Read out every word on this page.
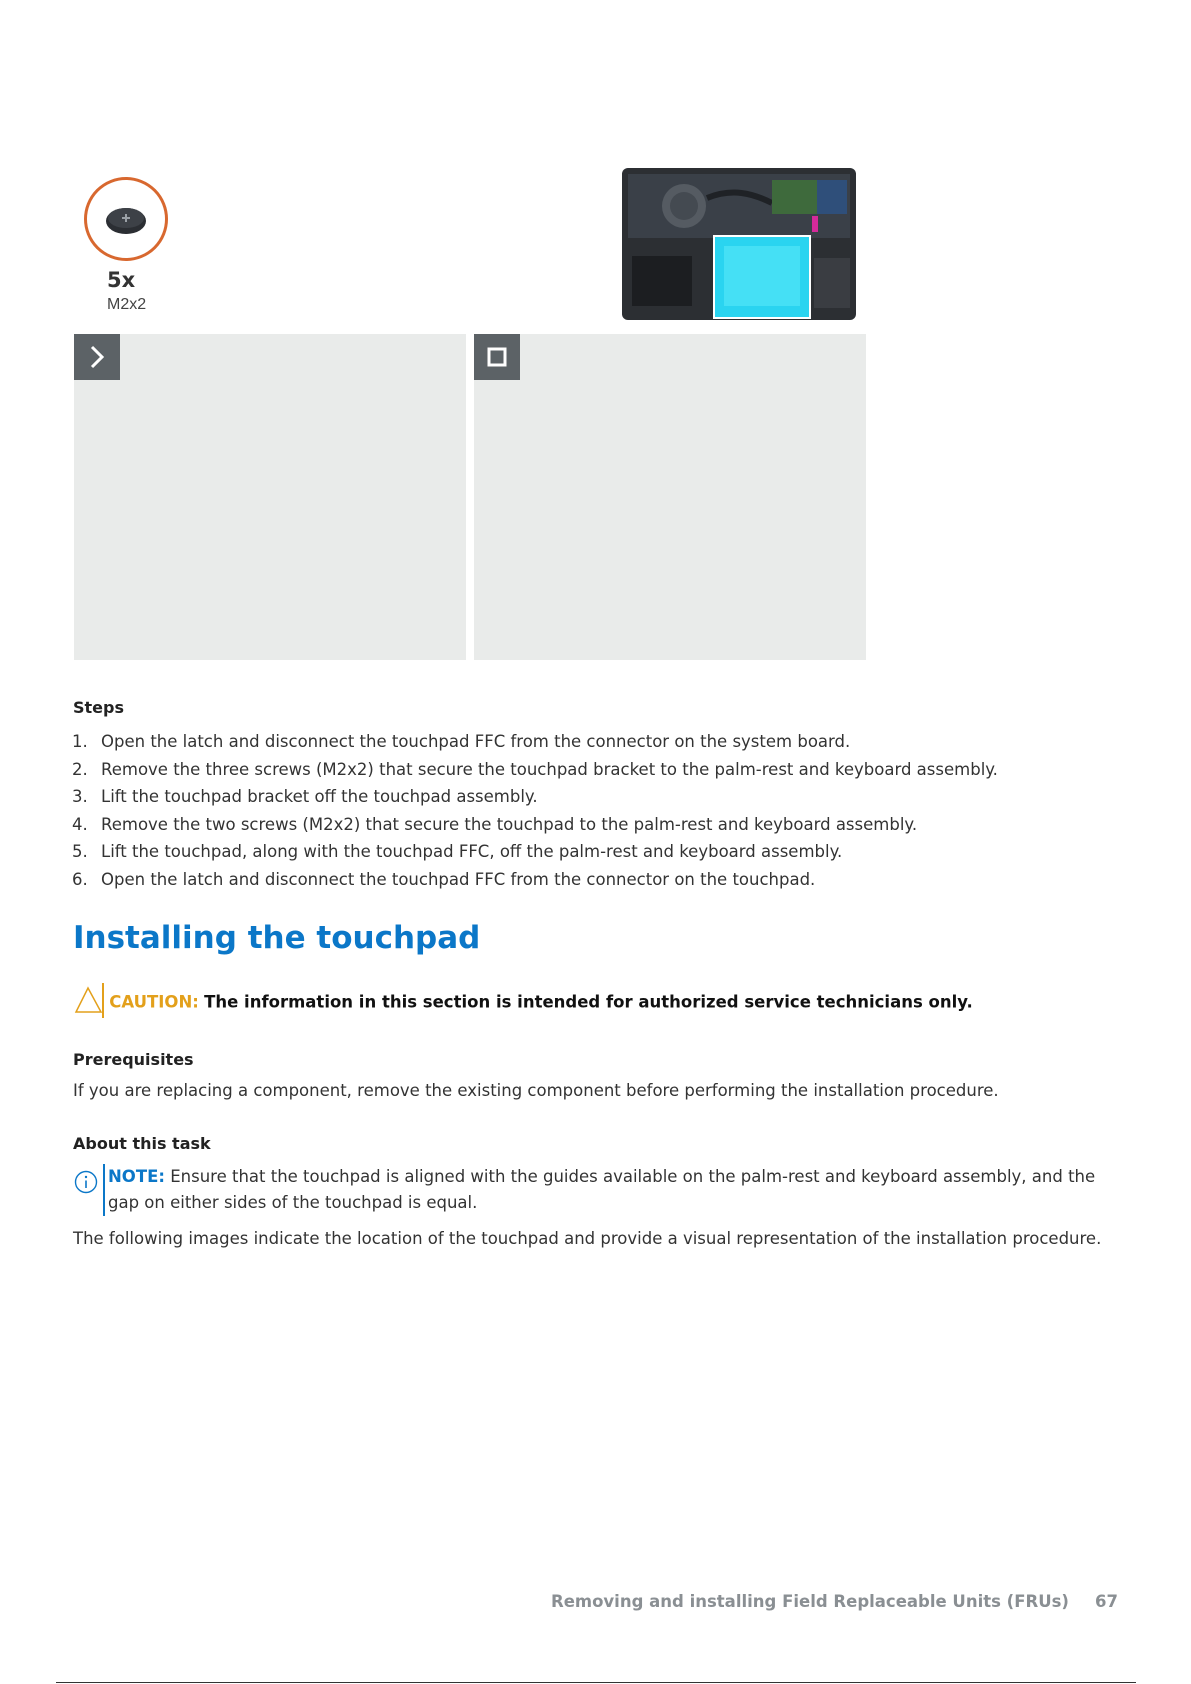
5x
M2x2
Steps
1. Open the latch and disconnect the touchpad FFC from the connector on the system board.
2. Remove the three screws (M2x2) that secure the touchpad bracket to the palm-rest and keyboard assembly.
3. Lift the touchpad bracket off the touchpad assembly.
4. Remove the two screws (M2x2) that secure the touchpad to the palm-rest and keyboard assembly.
5. Lift the touchpad, along with the touchpad FFC, off the palm-rest and keyboard assembly.
6. Open the latch and disconnect the touchpad FFC from the connector on the touchpad.
Installing the touchpad
CAUTION: The information in this section is intended for authorized service technicians only.
Prerequisites
If you are replacing a component, remove the existing component before performing the installation procedure.
About this task
NOTE: Ensure that the touchpad is aligned with the guides available on the palm-rest and keyboard assembly, and the gap on either sides of the touchpad is equal.
The following images indicate the location of the touchpad and provide a visual representation of the installation procedure.
Removing and installing Field Replaceable Units (FRUs) 67
